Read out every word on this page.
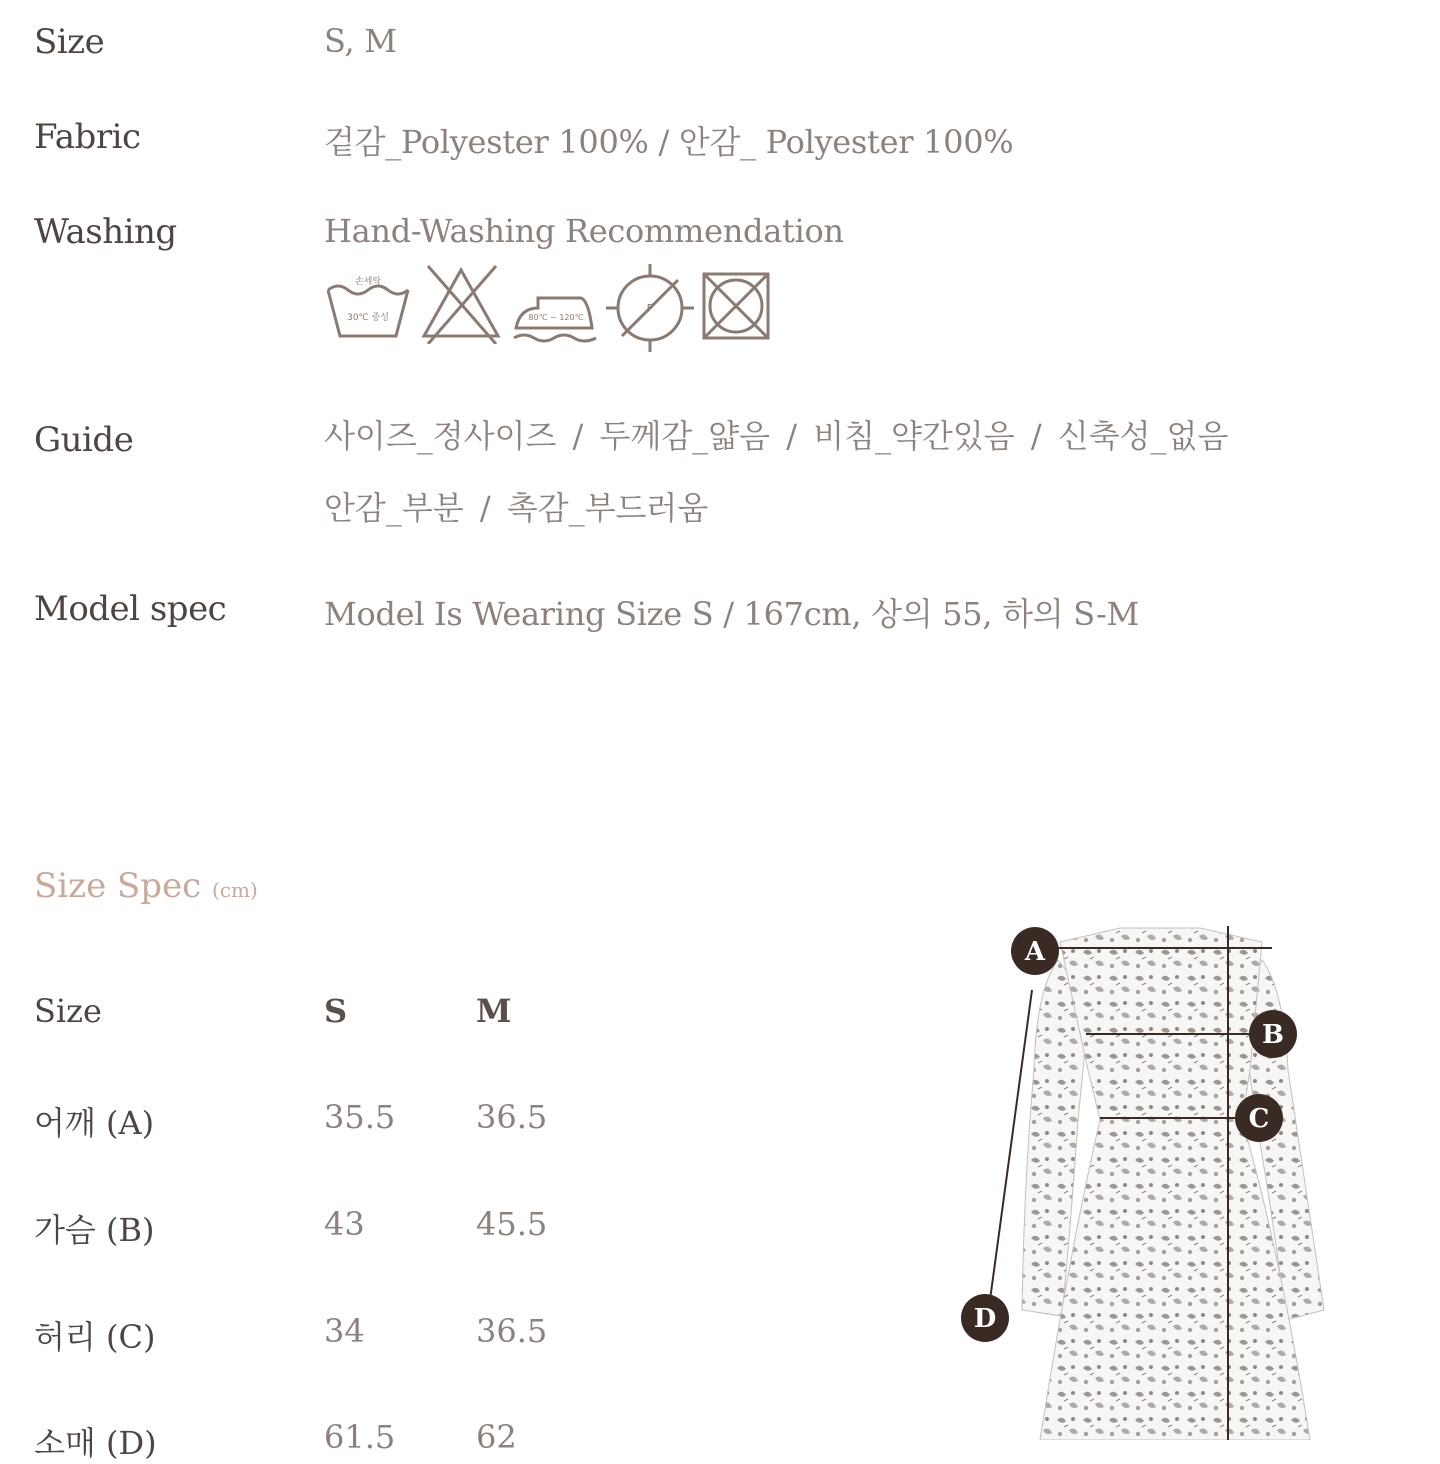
Size	S, M
Fabric	겉감_Polyester 100% / 안감_ Polyester 100%
Washing	Hand-Washing Recommendation
손세탁
30℃ 중성	80℃ ~ 120℃
P
Guide	사이즈_정사이즈 / 두께감_얇음 / 비침_약간있음 / 신축성_없음
안감_부분 / 촉감_부드러움
Model spec	Model Is Wearing Size S / 167cm, 상의 55, 하의 S-M
Size Spec (cm)
Size	S	M
어깨 (A)	35.5	36.5
가슴 (B)	43	45.5
허리 (C)	34	36.5
소매 (D)	61.5	62
A
B
C
D
